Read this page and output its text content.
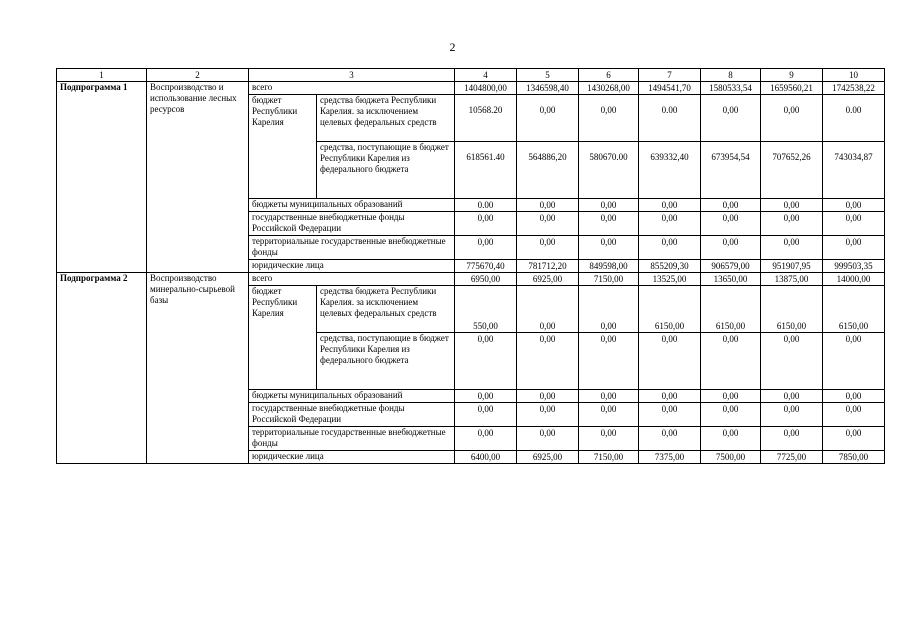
2
1	2	3		4	5	6	7	8	9	10
Подпрограмма 1	Воспроизводство и использование лесных ресурсов	всего		1404800,00	1346598,40	1430268,00	1494541,70	1580533,54	1659560,21	1742538,22
		бюджет Республики Карелия	средства бюджета Республики Карелия. за исключением целевых федеральных средств	10568.20	0,00	0,00	0.00	0,00	0,00	0.00
			средства, поступающие в бюджет Республики Карелия из федерального бюджета	618561.40	564886,20	580670.00	639332,40	673954,54	707652,26	743034,87
		бюджеты муниципальных образований		0.00	0,00	0,00	0,00	0,00	0,00	0,00
		государственные внебюджетные фонды Российской Федерации		0,00	0,00	0,00	0,00	0,00	0,00	0,00
		территориальные государственные внебюджетные фонды		0,00	0,00	0,00	0,00	0,00	0,00	0,00
		юридические лица		775670,40	781712,20	849598,00	855209,30	906579,00	951907,95	999503,35
Подпрограмма 2	Воспроизводство минерально-сырьевой базы	всего		6950,00	6925,00	7150,00	13525,00	13650,00	13875,00	14000,00
		бюджет Республики Карелия	средства бюджета Республики Карелия. за исключением целевых федеральных средств	550,00	0,00	0,00	6150,00	6150,00	6150,00	6150,00
			средства, поступающие в бюджет Республики Карелия из федерального бюджета	0,00	0,00	0,00	0,00	0,00	0,00	0,00
		бюджеты муниципальных образований		0,00	0,00	0,00	0,00	0,00	0,00	0,00
		государственные внебюджетные фонды Российской Федерации		0,00	0,00	0,00	0,00	0,00	0,00	0,00
		территориальные государственные внебюджетные фонды		0,00	0,00	0,00	0,00	0,00	0,00	0,00
		юридические лица		6400,00	6925,00	7150,00	7375,00	7500,00	7725,00	7850,00
